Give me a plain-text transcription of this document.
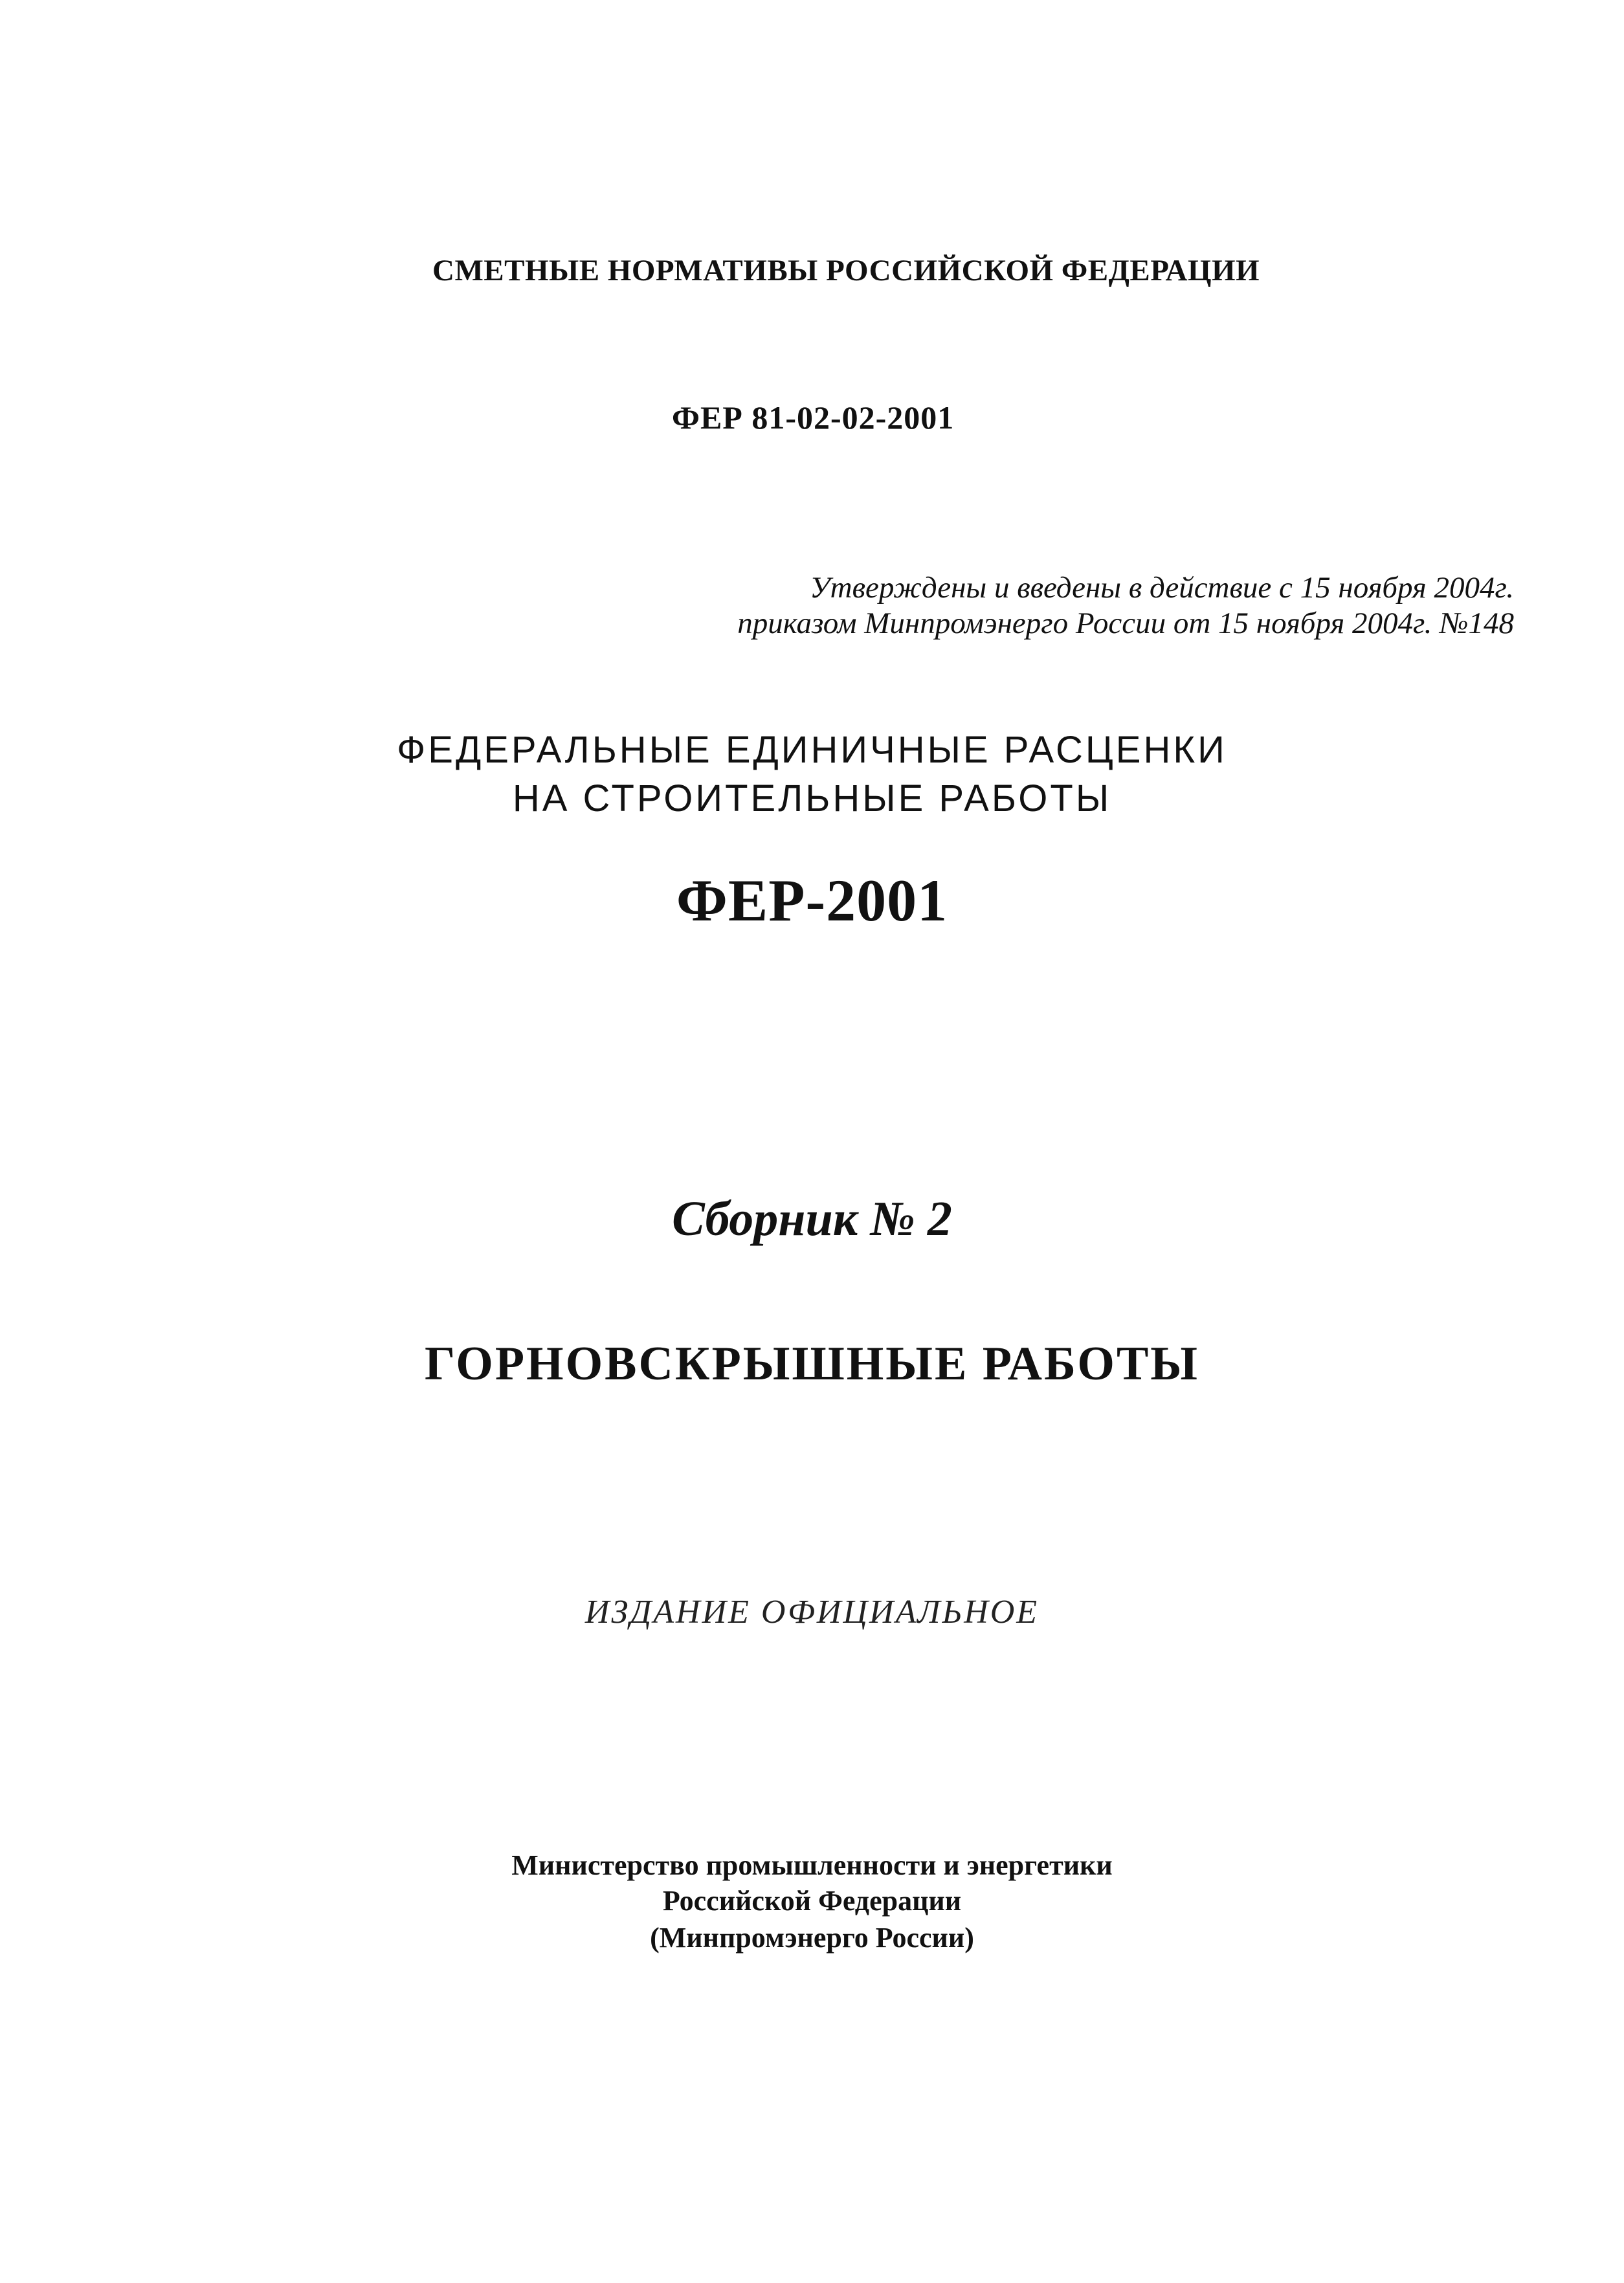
СМЕТНЫЕ НОРМАТИВЫ РОССИЙСКОЙ ФЕДЕРАЦИИ
ФЕР 81-02-02-2001
Утверждены и введены в действие с 15 ноября 2004г.
приказом Минпромэнерго России от 15 ноября 2004г. №148
ФЕДЕРАЛЬНЫЕ ЕДИНИЧНЫЕ РАСЦЕНКИ
НА СТРОИТЕЛЬНЫЕ РАБОТЫ
ФЕР-2001
Сборник № 2
ГОРНОВСКРЫШНЫЕ РАБОТЫ
ИЗДАНИЕ ОФИЦИАЛЬНОЕ
Министерство промышленности и энергетики
Российской Федерации
(Минпромэнерго России)
